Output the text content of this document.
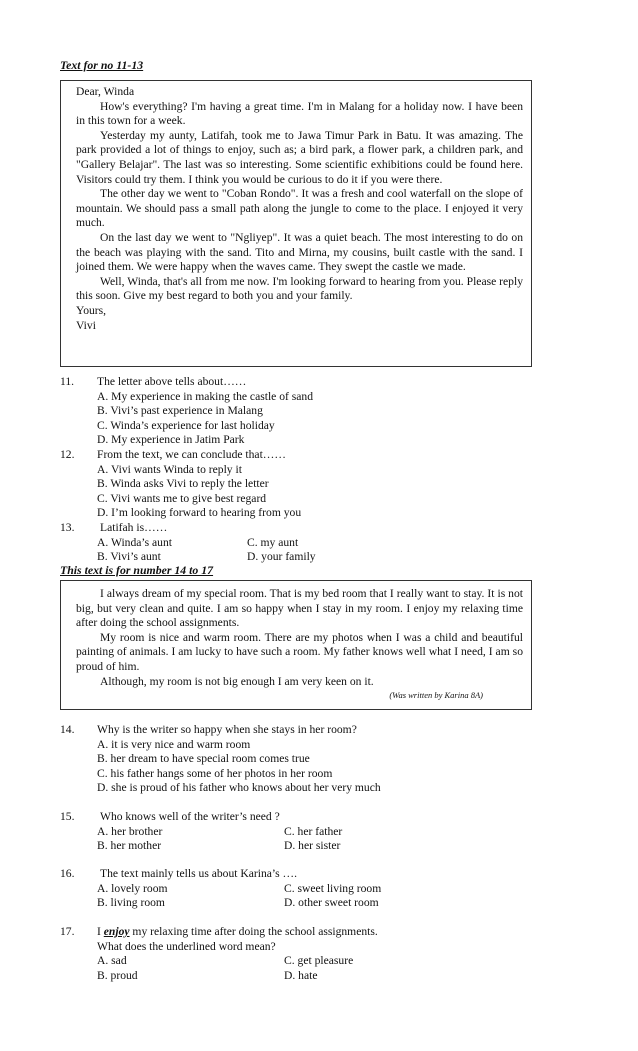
Text for no 11-13

Dear, Winda

How's everything? I'm having a great time. I'm in Malang for a holiday now. I have been in this town for a week.

Yesterday my aunty, Latifah, took me to Jawa Timur Park in Batu. It was amazing. The park provided a lot of things to enjoy, such as; a bird park, a flower park, a children park, and "Gallery Belajar". The last was so interesting. Some scientific exhibitions could be found here. Visitors could try them. I think you would be curious to do it if you were there.

The other day we went to "Coban Rondo". It was a fresh and cool waterfall on the slope of mountain. We should pass a small path along the jungle to come to the place. I enjoyed it very much.

On the last day we went to "Ngliyep". It was a quiet beach. The most interesting to do on the beach was playing with the sand. Tito and Mirna, my cousins, built castle with the sand. I joined them. We were happy when the waves came. They swept the castle we made.

Well, Winda, that's all from me now. I'm looking forward to hearing from you. Please reply this soon. Give my best regard to both you and your family.

Yours,

Vivi

11. The letter above tells about……
A. My experience in making the castle of sand
B. Vivi’s past experience in Malang
C. Winda’s experience for last holiday
D. My experience in Jatim Park
12. From the text, we can conclude that……
A. Vivi wants Winda to reply it
B. Winda asks Vivi to reply the letter
C. Vivi wants me to give best regard
D. I’m looking forward to hearing from you
13. Latifah is……
A. Winda’s aunt	C. my aunt
B. Vivi’s aunt	D. your family
This text is for number 14 to 17

I always dream of my special room. That is my bed room that I really want to stay. It is not big, but very clean and quite. I am so happy when I stay in my room. I enjoy my relaxing time after doing the school assignments.

My room is nice and warm room. There are my photos when I was a child and beautiful painting of animals. I am lucky to have such a room. My father knows well what I need, I am so proud of him.

Although, my room is not big enough I am very keen on it.

(Was written by Karina 8A)

14. Why is the writer so happy when she stays in her room?
A. it is very nice and warm room
B. her dream to have special room comes true
C. his father hangs some of her photos in her room
D. she is proud of his father who knows about her very much
15. Who knows well of the writer’s need ?
A. her brother	C. her father
B. her mother	D. her sister
16. The text mainly tells us about Karina’s ….
A. lovely room	C. sweet living room
B. living room	D. other sweet room
17. I enjoy my relaxing time after doing the school assignments.
What does the underlined word mean?
A. sad	C. get pleasure
B. proud	D. hate
